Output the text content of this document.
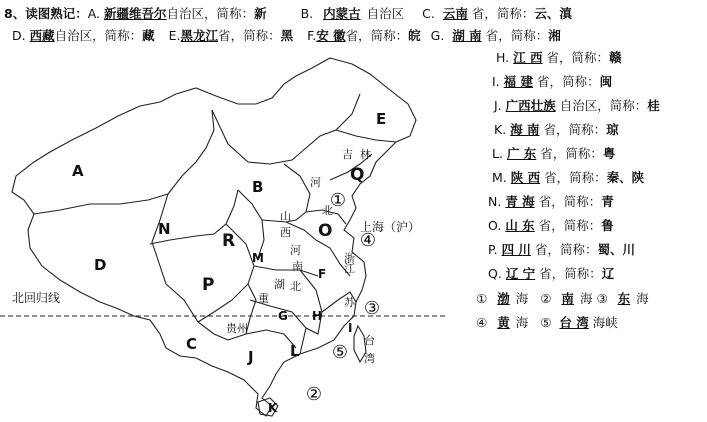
8、读图熟记：A. 新疆维吾尔自治区，简称：新	B. 内蒙古 自治区 C. 云南 省，简称：云、滇
D. 西藏自治区，简称：藏 E.黑龙江省，简称：黑 F.安 徽省，简称：皖 G. 湖 南 省，简称：湘
H. 江 西 省，简称：赣
I. 福 建 省，简称：闽
J. 广西壮族 自治区，简称：桂
K. 海 南 省，简称：琼
L. 广 东 省，简称：粤
M. 陕 西 省，简称：秦、陕
N. 青 海 省，简称：青
O. 山 东 省，简称：鲁
P. 四 川 省，简称：蜀、川
Q. 辽 宁 省，简称：辽
① 渤 海 ② 南 海 ③ 东 海
④ 黄 海 ⑤ 台 湾 海峡
北回归线
A
B
C
D
E
J
K
L
M
N	O
P
Q
R
F
G H
I
吉 林
河
北
山
西
河
南
湖 北
浙
江
苏
贵州
重
台
湾
上海（沪）
①
②
③
④
⑤
